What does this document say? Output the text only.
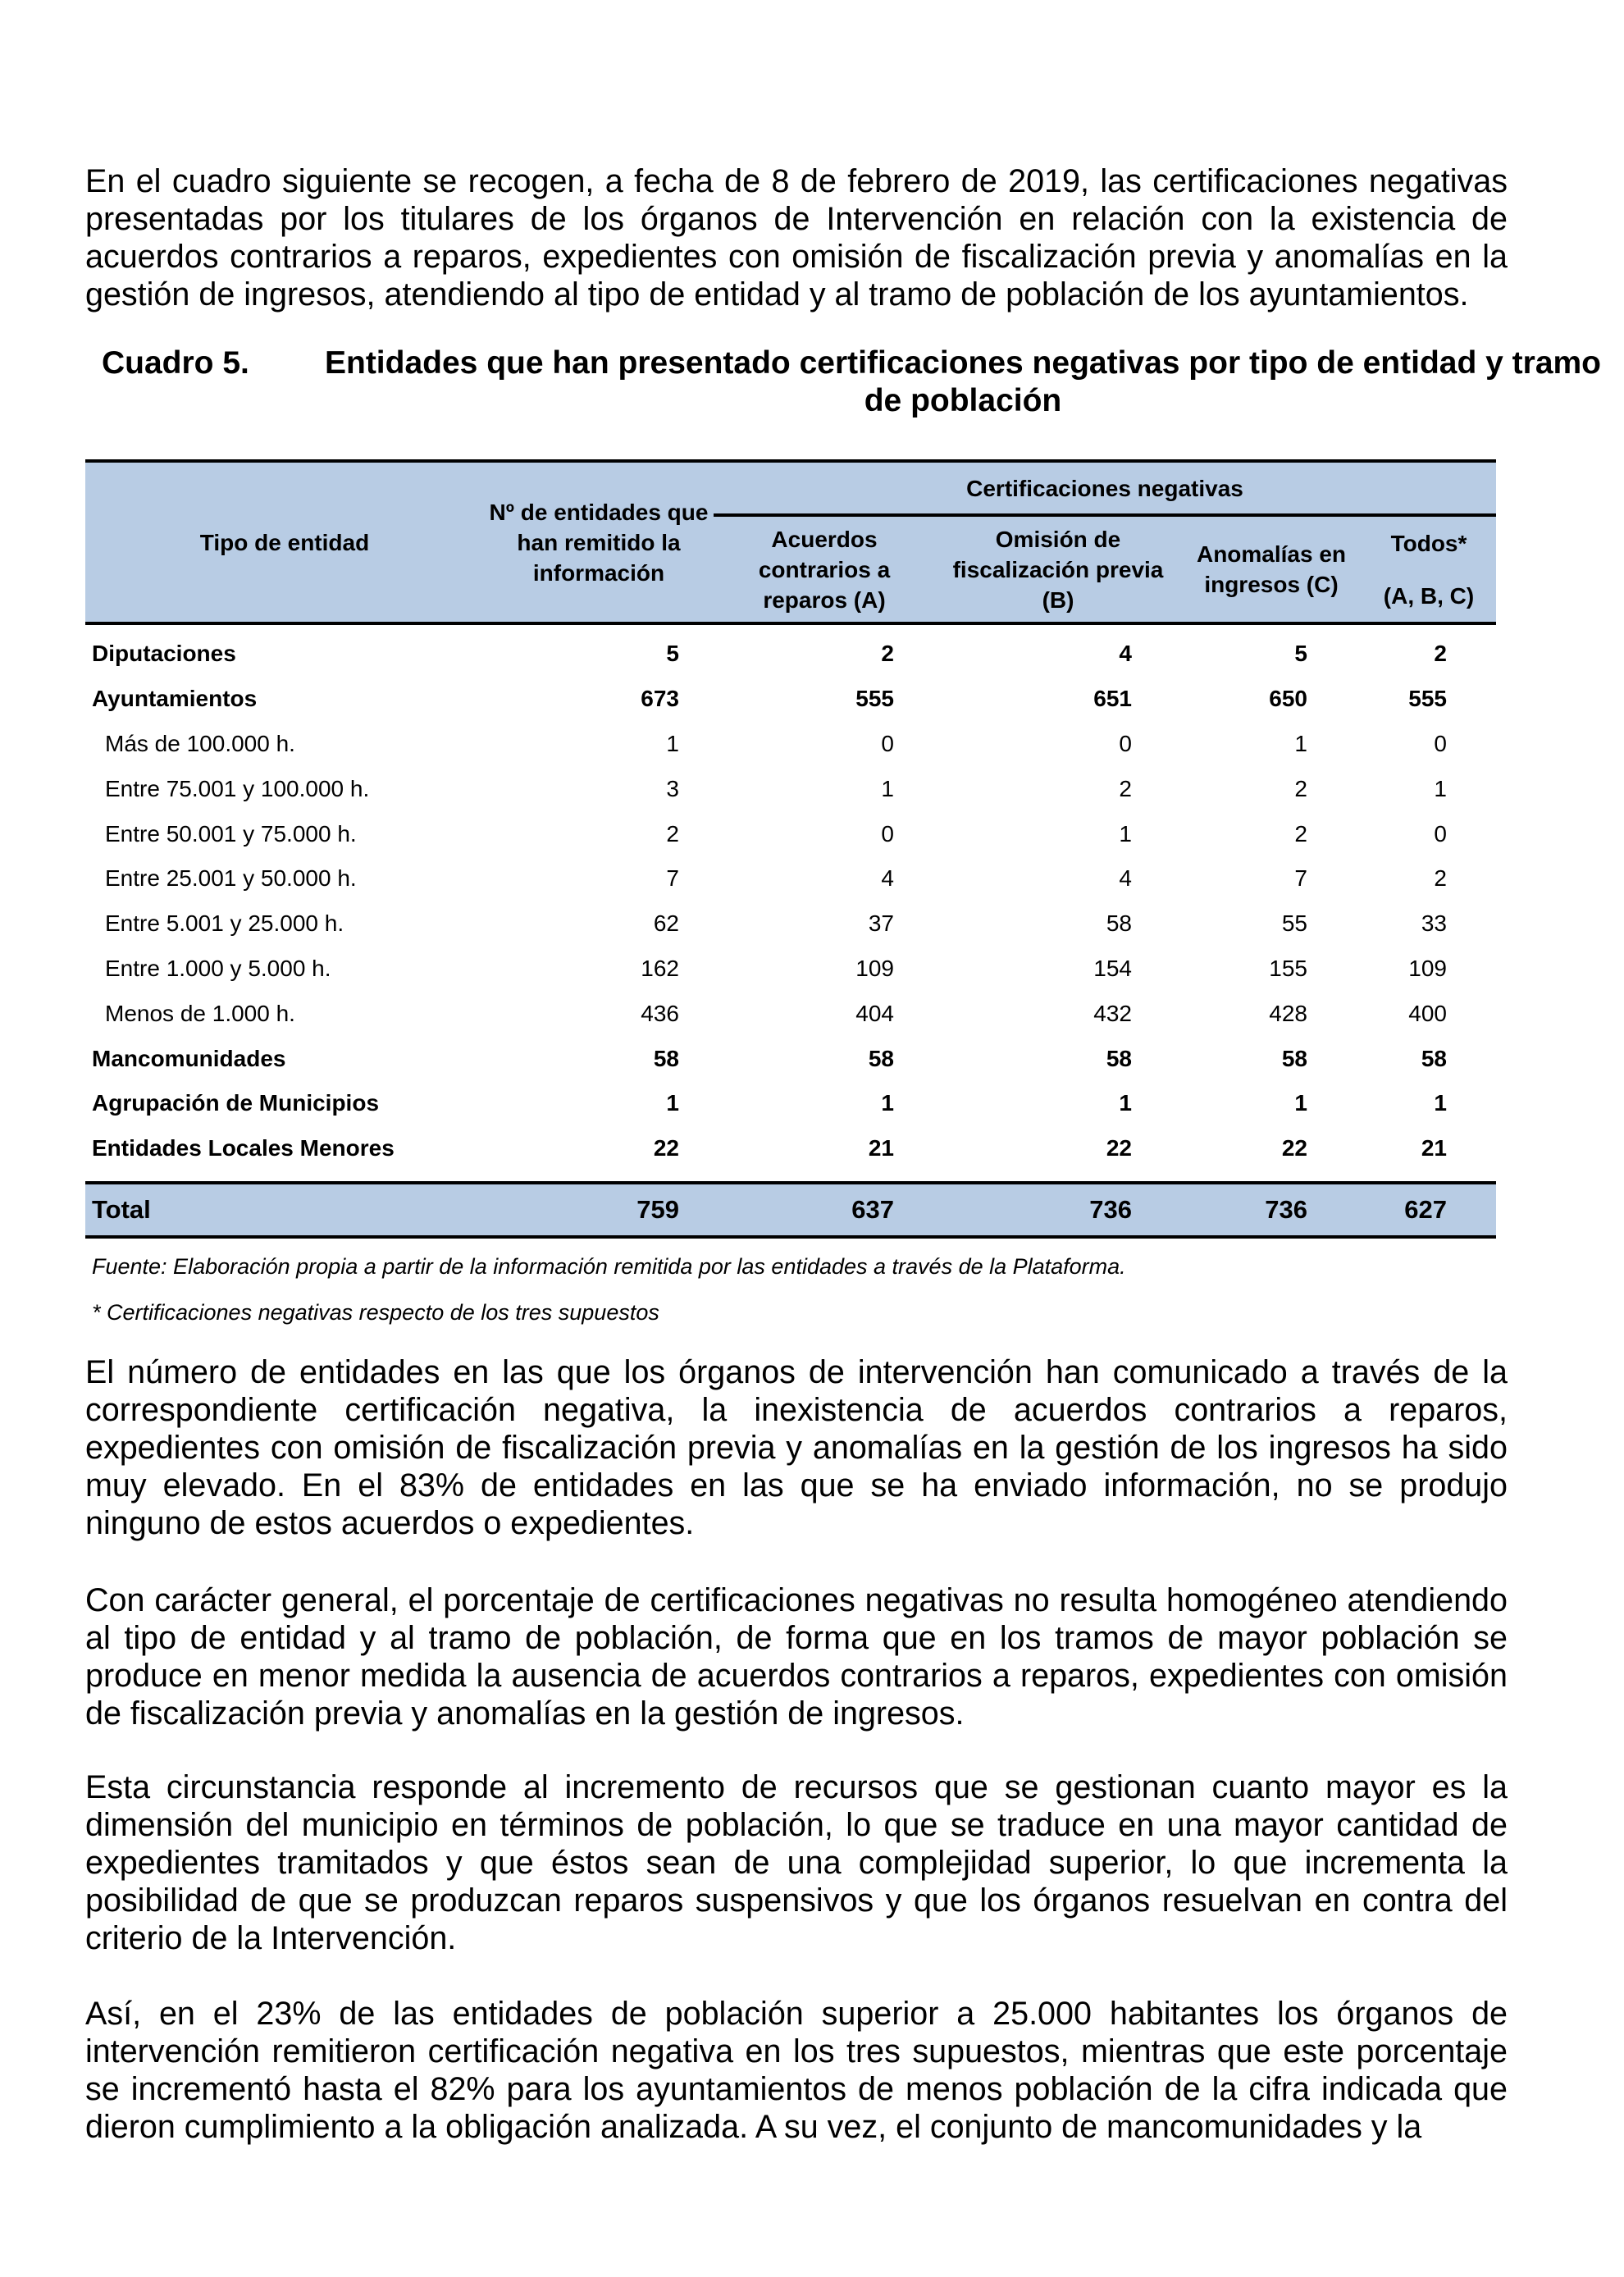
En el cuadro siguiente se recogen, a fecha de 8 de febrero de 2019, las certificaciones negativas presentadas por los titulares de los órganos de Intervención en relación con la existencia de acuerdos contrarios a reparos, expedientes con omisión de fiscalización previa y anomalías en la gestión de ingresos, atendiendo al tipo de entidad y al tramo de población de los ayuntamientos.

Cuadro 5.	Entidades que han presentado certificaciones negativas por tipo de entidad y tramo de población
Tipo de entidad	Nº de entidades que han remitido la información	Certificaciones negativas			
		Acuerdos contrarios a reparos (A)	Omisión de fiscalización previa (B)	Anomalías en ingresos (C)	Todos*
					(A, B, C)
Diputaciones	5	2	4	5	2
Ayuntamientos	673	555	651	650	555
Más de 100.000 h.	1	0	0	1	0
Entre 75.001 y 100.000 h.	3	1	2	2	1
Entre 50.001 y 75.000 h.	2	0	1	2	0
Entre 25.001 y 50.000 h.	7	4	4	7	2
Entre 5.001 y 25.000 h.	62	37	58	55	33
Entre 1.000 y 5.000 h.	162	109	154	155	109
Menos de 1.000 h.	436	404	432	428	400
Mancomunidades	58	58	58	58	58
Agrupación de Municipios	1	1	1	1	1
Entidades Locales Menores	22	21	22	22	21

Total	759	637	736	736	627
Fuente: Elaboración propia a partir de la información remitida por las entidades a través de la Plataforma.
* Certificaciones negativas respecto de los tres supuestos

El número de entidades en las que los órganos de intervención han comunicado a través de la correspondiente certificación negativa, la inexistencia de acuerdos contrarios a reparos, expedientes con omisión de fiscalización previa y anomalías en la gestión de los ingresos ha sido muy elevado. En el 83% de entidades en las que se ha enviado información, no se produjo ninguno de estos acuerdos o expedientes.

Con carácter general, el porcentaje de certificaciones negativas no resulta homogéneo atendiendo al tipo de entidad y al tramo de población, de forma que en los tramos de mayor población se produce en menor medida la ausencia de acuerdos contrarios a reparos, expedientes con omisión de fiscalización previa y anomalías en la gestión de ingresos.

Esta circunstancia responde al incremento de recursos que se gestionan cuanto mayor es la dimensión del municipio en términos de población, lo que se traduce en una mayor cantidad de expedientes tramitados y que éstos sean de una complejidad superior, lo que incrementa la posibilidad de que se produzcan reparos suspensivos y que los órganos resuelvan en contra del criterio de la Intervención.

Así, en el 23% de las entidades de población superior a 25.000 habitantes los órganos de intervención remitieron certificación negativa en los tres supuestos, mientras que este porcentaje se incrementó hasta el 82% para los ayuntamientos de menos población de la cifra indicada que dieron cumplimiento a la obligación analizada. A su vez, el conjunto de mancomunidades y la
